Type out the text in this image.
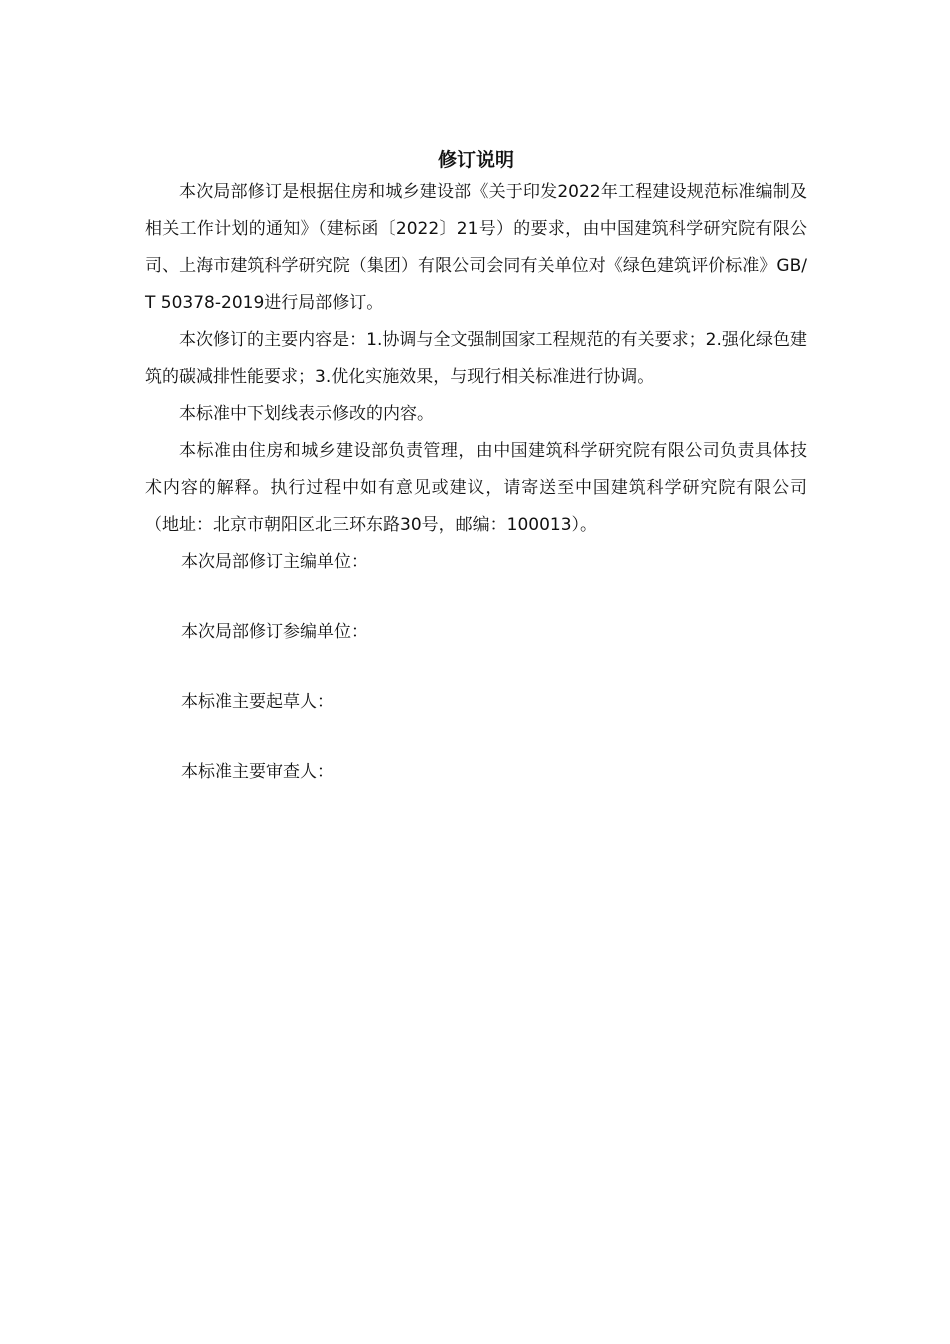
修订说明

本次局部修订是根据住房和城乡建设部《关于印发2022年工程建设规范标准编制及相关工作计划的通知》（建标函〔2022〕21号）的要求，由中国建筑科学研究院有限公司、上海市建筑科学研究院（集团）有限公司会同有关单位对《绿色建筑评价标准》GB/T 50378-2019进行局部修订。

本次修订的主要内容是：1.协调与全文强制国家工程规范的有关要求；2.强化绿色建筑的碳减排性能要求；3.优化实施效果，与现行相关标准进行协调。

本标准中下划线表示修改的内容。

本标准由住房和城乡建设部负责管理，由中国建筑科学研究院有限公司负责具体技术内容的解释。执行过程中如有意见或建议，请寄送至中国建筑科学研究院有限公司（地址：北京市朝阳区北三环东路30号，邮编：100013）。

本次局部修订主编单位：

本次局部修订参编单位：

本标准主要起草人：

本标准主要审查人：
